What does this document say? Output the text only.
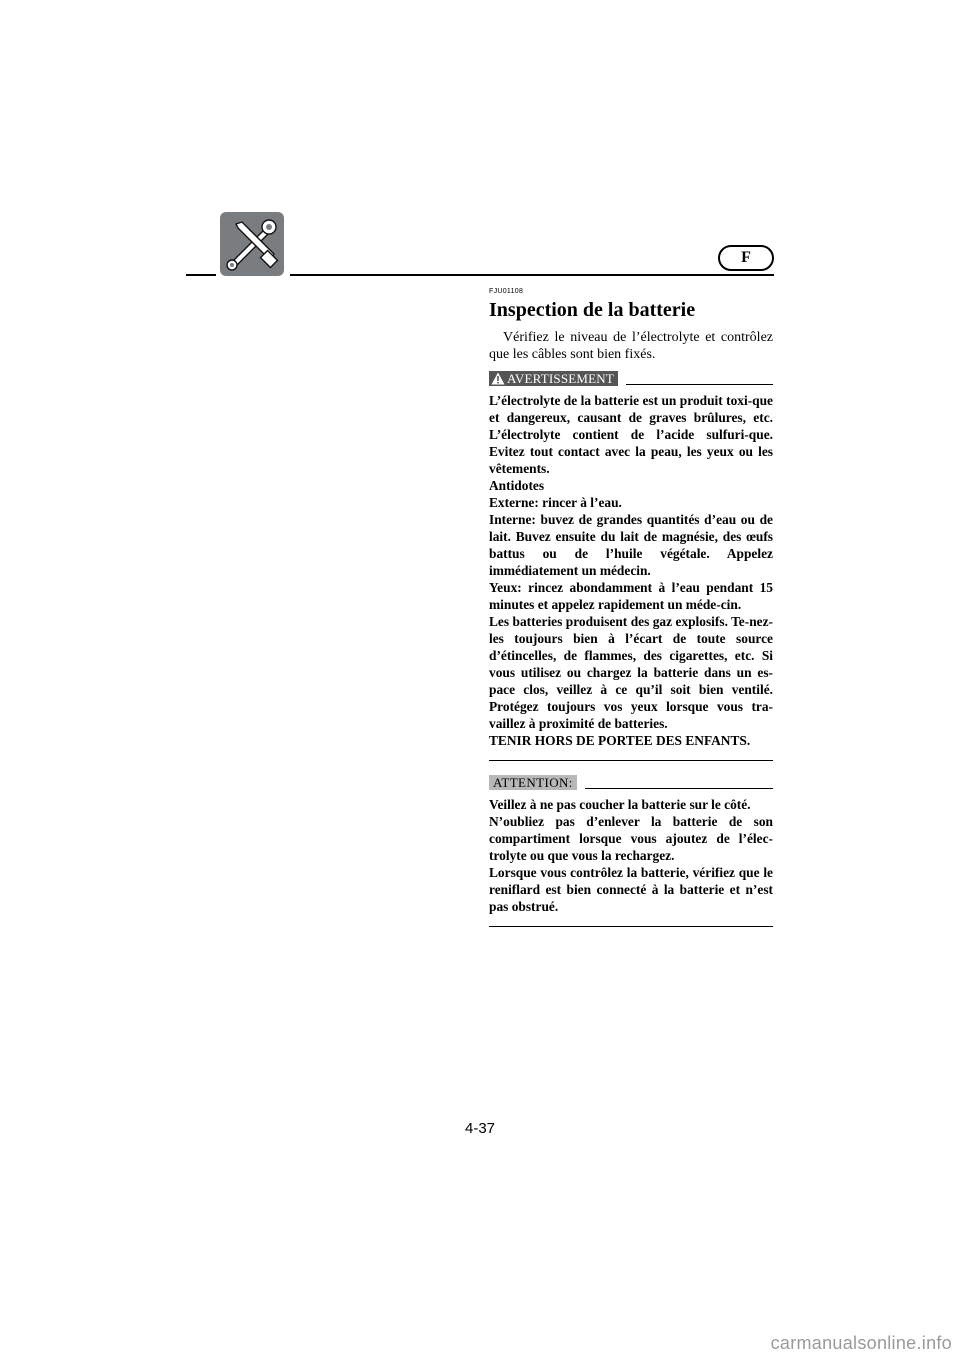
F
FJU01108
Inspection de la batterie

Vérifiez le niveau de l’électrolyte et contrôlez que les câbles sont bien fixés.

AVERTISSEMENT

L’électrolyte de la batterie est un produit toxi-que et dangereux, causant de graves brûlures, etc. L’électrolyte contient de l’acide sulfuri-que. Evitez tout contact avec la peau, les yeux ou les vêtements.

Antidotes

Externe: rincer à l’eau.

Interne: buvez de grandes quantités d’eau ou de lait. Buvez ensuite du lait de magnésie, des œufs battus ou de l’huile végétale. Appelez immédiatement un médecin.

Yeux: rincez abondamment à l’eau pendant 15 minutes et appelez rapidement un méde-cin.

Les batteries produisent des gaz explosifs. Te-nez-les toujours bien à l’écart de toute source d’étincelles, de flammes, des cigarettes, etc. Si vous utilisez ou chargez la batterie dans un es-pace clos, veillez à ce qu’il soit bien ventilé. Protégez toujours vos yeux lorsque vous tra-vaillez à proximité de batteries.

TENIR HORS DE PORTEE DES ENFANTS.

ATTENTION:

Veillez à ne pas coucher la batterie sur le côté.

N’oubliez pas d’enlever la batterie de son compartiment lorsque vous ajoutez de l’élec-trolyte ou que vous la rechargez.

Lorsque vous contrôlez la batterie, vérifiez que le reniflard est bien connecté à la batterie et n’est pas obstrué.

4-37
carmanualsonline.info
